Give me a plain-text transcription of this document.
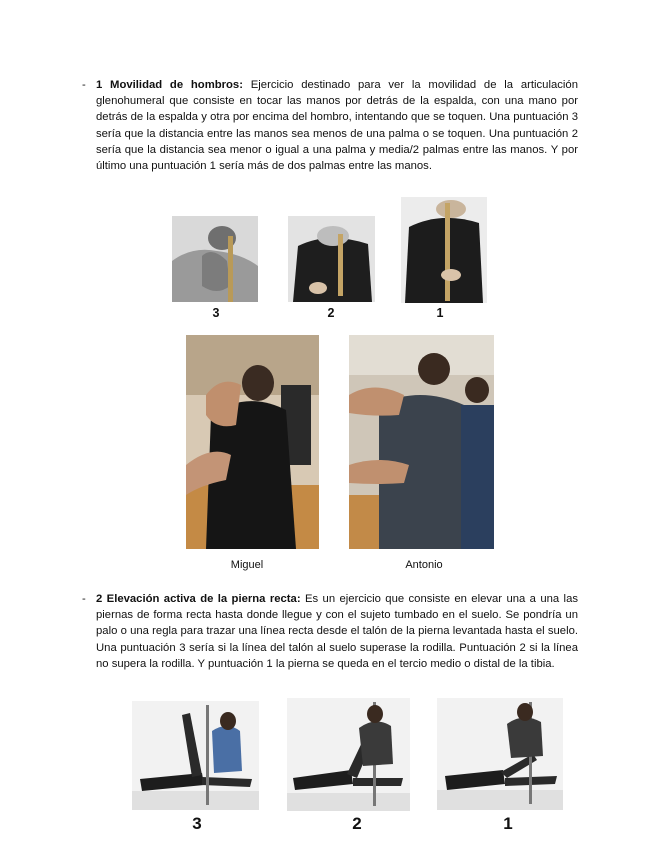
- 1 Movilidad de hombros: Ejercicio destinado para ver la movilidad de la articulación glenohumeral que consiste en tocar las manos por detrás de la espalda, con una mano por detrás de la espalda y otra por encima del hombro, intentando que se toquen. Una puntuación 3 sería que la distancia entre las manos sea menos de una palma o se toquen. Una puntuación 2 sería que la distancia sea menor o igual a una palma y media/2 palmas entre las manos. Y por último una puntuación 1 sería más de dos palmas entre las manos.
3	2	1
Miguel	Antonio
- 2 Elevación activa de la pierna recta: Es un ejercicio que consiste en elevar una a una las piernas de forma recta hasta donde llegue y con el sujeto tumbado en el suelo. Se pondría un palo o una regla para trazar una línea recta desde el talón de la pierna levantada hasta el suelo. Una puntuación 3 sería si la línea del talón al suelo superase la rodilla. Puntuación 2 si la línea no supera la rodilla. Y puntuación 1 la pierna se queda en el tercio medio o distal de la tibia.
3	2	1
